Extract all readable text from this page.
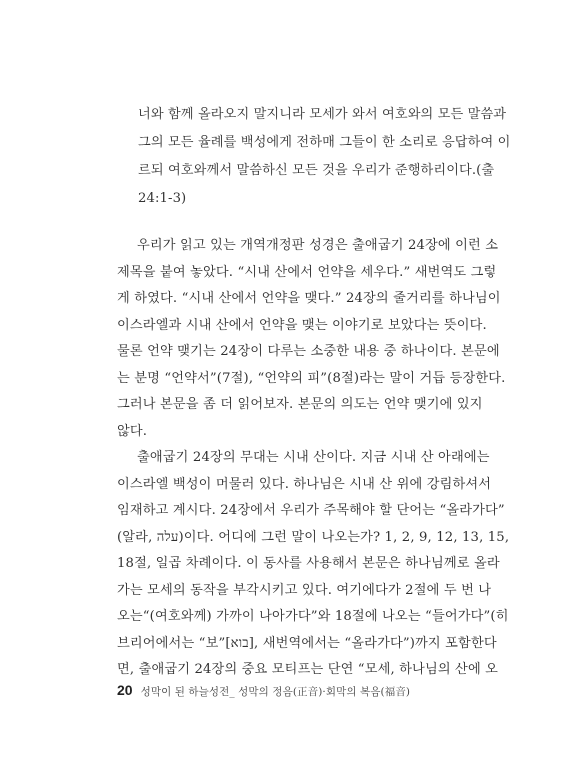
너와 함께 올라오지 말지니라 모세가 와서 여호와의 모든 말씀과
그의 모든 율례를 백성에게 전하매 그들이 한 소리로 응답하여 이
르되 여호와께서 말씀하신 모든 것을 우리가 준행하리이다.(출
24:1-3)
우리가 읽고 있는 개역개정판 성경은 출애굽기 24장에 이런 소
제목을 붙여 놓았다. “시내 산에서 언약을 세우다.” 새번역도 그렇
게 하였다. “시내 산에서 언약을 맺다.” 24장의 줄거리를 하나님이
이스라엘과 시내 산에서 언약을 맺는 이야기로 보았다는 뜻이다.
물론 언약 맺기는 24장이 다루는 소중한 내용 중 하나이다. 본문에
는 분명 “언약서”(7절), “언약의 피”(8절)라는 말이 거듭 등장한다.
그러나 본문을 좀 더 읽어보자. 본문의 의도는 언약 맺기에 있지
않다.
출애굽기 24장의 무대는 시내 산이다. 지금 시내 산 아래에는
이스라엘 백성이 머물러 있다. 하나님은 시내 산 위에 강림하셔서
임재하고 계시다. 24장에서 우리가 주목해야 할 단어는 “올라가다”
(알라, עלה)이다. 어디에 그런 말이 나오는가? 1, 2, 9, 12, 13, 15,
18절, 일곱 차례이다. 이 동사를 사용해서 본문은 하나님께로 올라
가는 모세의 동작을 부각시키고 있다. 여기에다가 2절에 두 번 나
오는“(여호와께) 가까이 나아가다”와 18절에 나오는 “들어가다”(히
브리어에서는 “보”[בוא], 새번역에서는 “올라가다”)까지 포함한다
면, 출애굽기 24장의 중요 모티프는 단연 “모세, 하나님의 산에 오
20 성막이 된 하늘성전_ 성막의 정음(正音)·회막의 복음(福音)
